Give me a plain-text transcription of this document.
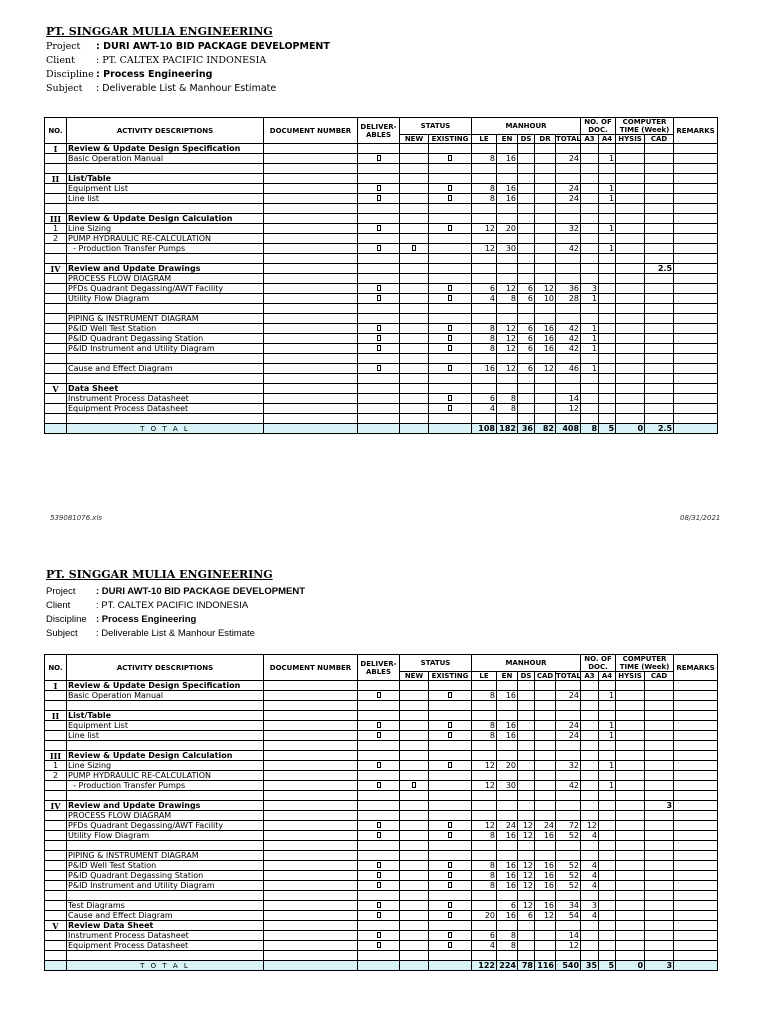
PT. SINGGAR MULIA ENGINEERING
Project	: DURI AWT-10 BID PACKAGE DEVELOPMENT
Client	: PT. CALTEX PACIFIC INDONESIA
Discipline : Process Engineering
Subject	: Deliverable List & Manhour Estimate
NO.	ACTIVITY DESCRIPTIONS	DOCUMENT NUMBER	DELIVER-ABLES	STATUS		MANHOUR					NO. OF DOC.		COMPUTER TIME (Week)		REMARKS
				NEW	EXISTING	LE	EN	DS	DR	TOTAL	A3	A4	HYSIS	CAD	
I	Review & Update Design Specification														
	Basic Operation Manual					8	16			24		1			

II	List/Table														
	Equipment List					8	16			24		1			
	Line list					8	16			24		1			

III	Review & Update Design Calculation														
1	Line Sizing					12	20			32		1			
2	PUMP HYDRAULIC RE-CALCULATION														
	- Production Transfer Pumps					12	30			42		1			

IV	Review and Update Drawings													2.5	
	PROCESS FLOW DIAGRAM														
	PFDs Quadrant Degassing/AWT Facility					6	12	6	12	36	3				
	Utility Flow Diagram					4	8	6	10	28	1				

	PIPING & INSTRUMENT DIAGRAM														
	P&ID Well Test Station					8	12	6	16	42	1				
	P&ID Quadrant Degassing Station					8	12	6	16	42	1				
	P&ID Instrument and Utility Diagram					8	12	6	16	42	1				

	Cause and Effect Diagram					16	12	6	12	46	1				

V	Data Sheet														
	Instrument Process Datasheet					6	8			14					
	Equipment Process Datasheet					4	8			12					

	T O T A L					108	182	36	82	408	8	5	0	2.5	
539081076.xls	08/31/2021
PT. SINGGAR MULIA ENGINEERING
Project	: DURI AWT-10 BID PACKAGE DEVELOPMENT
Client	: PT. CALTEX PACIFIC INDONESIA
Discipline : Process Engineering
Subject	: Deliverable List & Manhour Estimate
NO.	ACTIVITY DESCRIPTIONS	DOCUMENT NUMBER	DELIVER-ABLES	STATUS		MANHOUR					NO. OF DOC.		COMPUTER TIME (Week)		REMARKS
				NEW	EXISTING	LE	EN	DS	CAD	TOTAL	A3	A4	HYSIS	CAD	
I	Review & Update Design Specification														
	Basic Operation Manual					8	16			24		1			

II	List/Table														
	Equipment List					8	16			24		1			
	Line list					8	16			24		1			

III	Review & Update Design Calculation														
1	Line Sizing					12	20			32		1			
2	PUMP HYDRAULIC RE-CALCULATION														
	- Production Transfer Pumps					12	30			42		1			

IV	Review and Update Drawings													3	
	PROCESS FLOW DIAGRAM														
	PFDs Quadrant Degassing/AWT Facility					12	24	12	24	72	12				
	Utility Flow Diagram					8	16	12	16	52	4				

	PIPING & INSTRUMENT DIAGRAM														
	P&ID Well Test Station					8	16	12	16	52	4				
	P&ID Quadrant Degassing Station					8	16	12	16	52	4				
	P&ID Instrument and Utility Diagram					8	16	12	16	52	4				

	Test Diagrams						6	12	16	34	3				
	Cause and Effect Diagram					20	16	6	12	54	4				
V	Review Data Sheet														
	Instrument Process Datasheet					6	8			14					
	Equipment Process Datasheet					4	8			12					

	T O T A L					122	224	78	116	540	35	5	0	3	
